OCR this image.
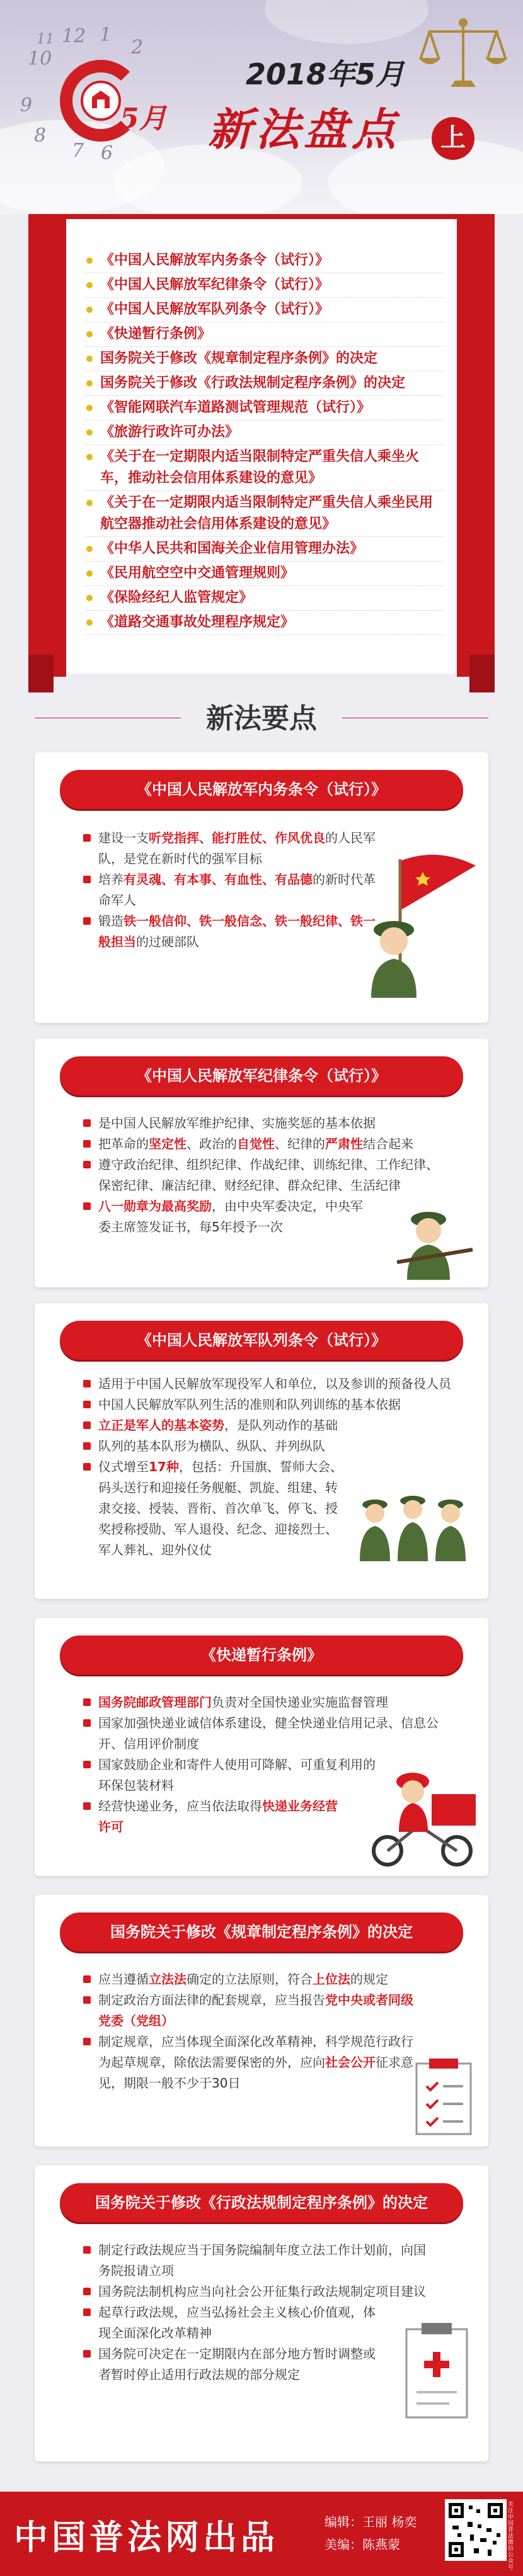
12 1
2
10
11
9
8
7 6
5月
2018年5月
新法盘点	上
《中国人民解放军内务条令（试行）》
《中国人民解放军纪律条令（试行）》
《中国人民解放军队列条令（试行）》
《快递暂行条例》
国务院关于修改《规章制定程序条例》的决定
国务院关于修改《行政法规制定程序条例》的决定
《智能网联汽车道路测试管理规范（试行）》
《旅游行政许可办法》
《关于在一定期限内适当限制特定严重失信人乘坐火车，推动社会信用体系建设的意见》
《关于在一定期限内适当限制特定严重失信人乘坐民用航空器推动社会信用体系建设的意见》
《中华人民共和国海关企业信用管理办法》
《民用航空空中交通管理规则》
《保险经纪人监管规定》
《道路交通事故处理程序规定》
新法要点
《中国人民解放军内务条令（试行）》
建设一支听党指挥、能打胜仗、作风优良的人民军队，是党在新时代的强军目标
培养有灵魂、有本事、有血性、有品德的新时代革命军人
锻造铁一般信仰、铁一般信念、铁一般纪律、铁一般担当的过硬部队
《中国人民解放军纪律条令（试行）》
是中国人民解放军维护纪律、实施奖惩的基本依据
把革命的坚定性、政治的自觉性、纪律的严肃性结合起来
遵守政治纪律、组织纪律、作战纪律、训练纪律、工作纪律、保密纪律、廉洁纪律、财经纪律、群众纪律、生活纪律
八一勋章为最高奖励，由中央军委决定，中央军委主席签发证书，每5年授予一次
《中国人民解放军队列条令（试行）》
适用于中国人民解放军现役军人和单位，以及参训的预备役人员
中国人民解放军队列生活的准则和队列训练的基本依据
立正是军人的基本姿势，是队列动作的基础
队列的基本队形为横队、纵队、并列纵队
仪式增至17种，包括：升国旗、誓师大会、码头送行和迎接任务舰艇、凯旋、组建、转隶交接、授装、晋衔、首次单飞、停飞、授奖授称授勋、军人退役、纪念、迎接烈士、军人葬礼、迎外仪仗
《快递暂行条例》
国务院邮政管理部门负责对全国快递业实施监督管理
国家加强快递业诚信体系建设，健全快递业信用记录、信息公开、信用评价制度
国家鼓励企业和寄件人使用可降解、可重复利用的环保包装材料
经营快递业务，应当依法取得快递业务经营许可
国务院关于修改《规章制定程序条例》的决定
应当遵循立法法确定的立法原则，符合上位法的规定
制定政治方面法律的配套规章，应当报告党中央或者同级党委（党组）
制定规章，应当体现全面深化改革精神，科学规范行政行为起草规章，除依法需要保密的外，应向社会公开征求意见，期限一般不少于30日
国务院关于修改《行政法规制定程序条例》的决定
制定行政法规应当于国务院编制年度立法工作计划前，向国务院报请立项
国务院法制机构应当向社会公开征集行政法规制定项目建议
起草行政法规，应当弘扬社会主义核心价值观，体现全面深化改革精神
国务院可决定在一定期限内在部分地方暂时调整或者暂时停止适用行政法规的部分规定
中国普法网出品	编辑：王丽 杨奕
美编：陈燕蒙
关注中国普法微信公众号
